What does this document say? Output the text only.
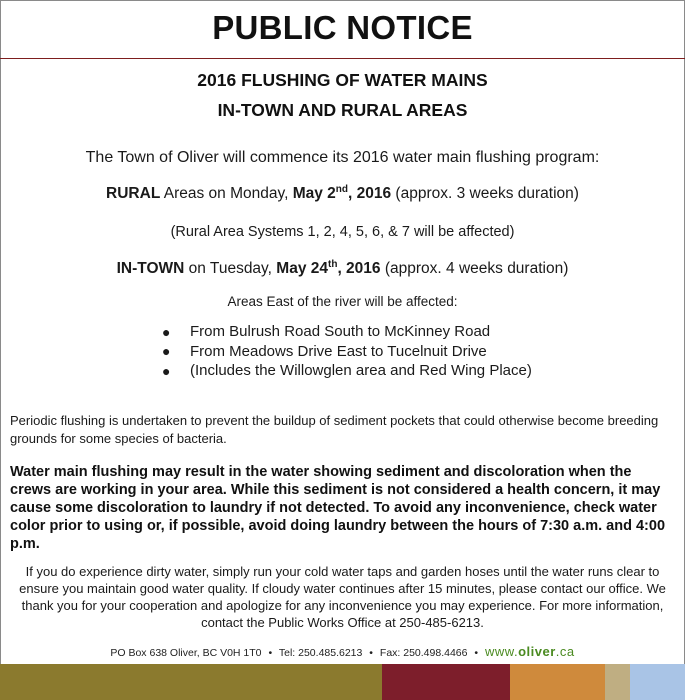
PUBLIC NOTICE
2016 FLUSHING OF WATER MAINS
IN-TOWN AND RURAL AREAS
The Town of Oliver will commence its 2016 water main flushing program:
RURAL Areas on Monday, May 2nd, 2016 (approx. 3 weeks duration)
(Rural Area Systems 1, 2, 4, 5, 6, & 7 will be affected)
IN-TOWN on Tuesday, May 24th, 2016 (approx. 4 weeks duration)
Areas East of the river will be affected:
●	From Bulrush Road South to McKinney Road
●	From Meadows Drive East to Tucelnuit Drive
●	(Includes the Willowglen area and Red Wing Place)

Periodic flushing is undertaken to prevent the buildup of sediment pockets that could otherwise become breeding grounds for some species of bacteria.

Water main flushing may result in the water showing sediment and discoloration when the crews are working in your area. While this sediment is not considered a health concern, it may cause some discoloration to laundry if not detected. To avoid any inconvenience, check water color prior to using or, if possible, avoid doing laundry between the hours of 7:30 a.m. and 4:00 p.m.

If you do experience dirty water, simply run your cold water taps and garden hoses until the water runs clear to ensure you maintain good water quality. If cloudy water continues after 15 minutes, please contact our office. We thank you for your cooperation and apologize for any inconvenience you may experience. For more information, contact the Public Works Office at 250-485-6213.

PO Box 638 Oliver, BC V0H 1T0 • Tel: 250.485.6213 • Fax: 250.498.4466 • www.oliver.ca
